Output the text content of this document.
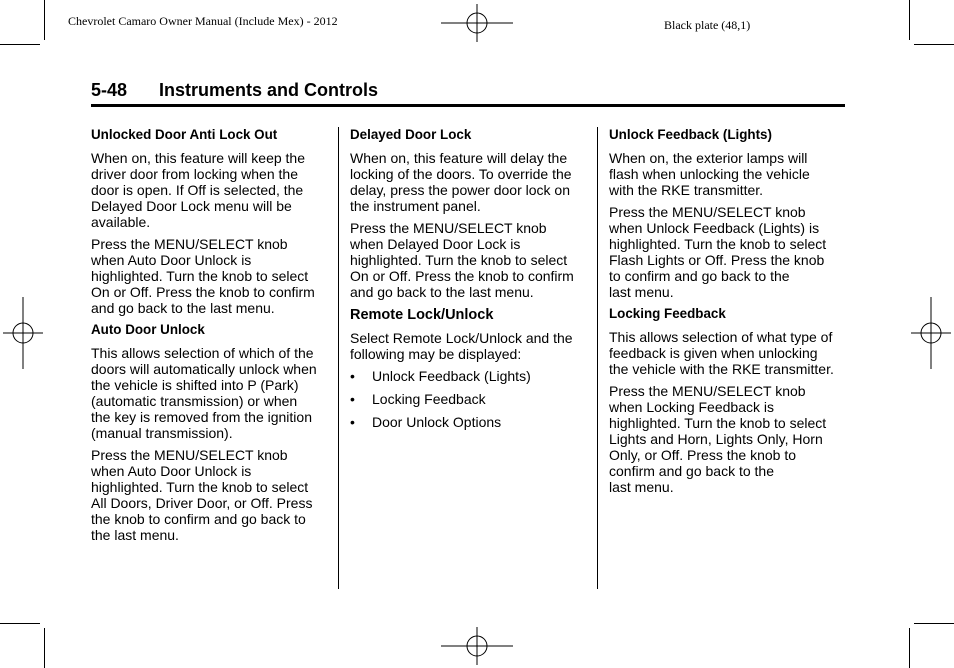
Chevrolet Camaro Owner Manual (Include Mex) - 2012	Black plate (48,1)
5-48 Instruments and Controls
Unlocked Door Anti Lock Out

When on, this feature will keep the
driver door from locking when the
door is open. If Off is selected, the
Delayed Door Lock menu will be
available.

Press the MENU/SELECT knob
when Auto Door Unlock is
highlighted. Turn the knob to select
On or Off. Press the knob to confirm
and go back to the last menu.

Auto Door Unlock

This allows selection of which of the
doors will automatically unlock when
the vehicle is shifted into P (Park)
(automatic transmission) or when
the key is removed from the ignition
(manual transmission).

Press the MENU/SELECT knob
when Auto Door Unlock is
highlighted. Turn the knob to select
All Doors, Driver Door, or Off. Press
the knob to confirm and go back to
the last menu.

Delayed Door Lock

When on, this feature will delay the
locking of the doors. To override the
delay, press the power door lock on
the instrument panel.

Press the MENU/SELECT knob
when Delayed Door Lock is
highlighted. Turn the knob to select
On or Off. Press the knob to confirm
and go back to the last menu.

Remote Lock/Unlock

Select Remote Lock/Unlock and the
following may be displayed:

• Unlock Feedback (Lights)
• Locking Feedback
• Door Unlock Options
Unlock Feedback (Lights)

When on, the exterior lamps will
flash when unlocking the vehicle
with the RKE transmitter.

Press the MENU/SELECT knob
when Unlock Feedback (Lights) is
highlighted. Turn the knob to select
Flash Lights or Off. Press the knob
to confirm and go back to the
last menu.

Locking Feedback

This allows selection of what type of
feedback is given when unlocking
the vehicle with the RKE transmitter.

Press the MENU/SELECT knob
when Locking Feedback is
highlighted. Turn the knob to select
Lights and Horn, Lights Only, Horn
Only, or Off. Press the knob to
confirm and go back to the
last menu.
